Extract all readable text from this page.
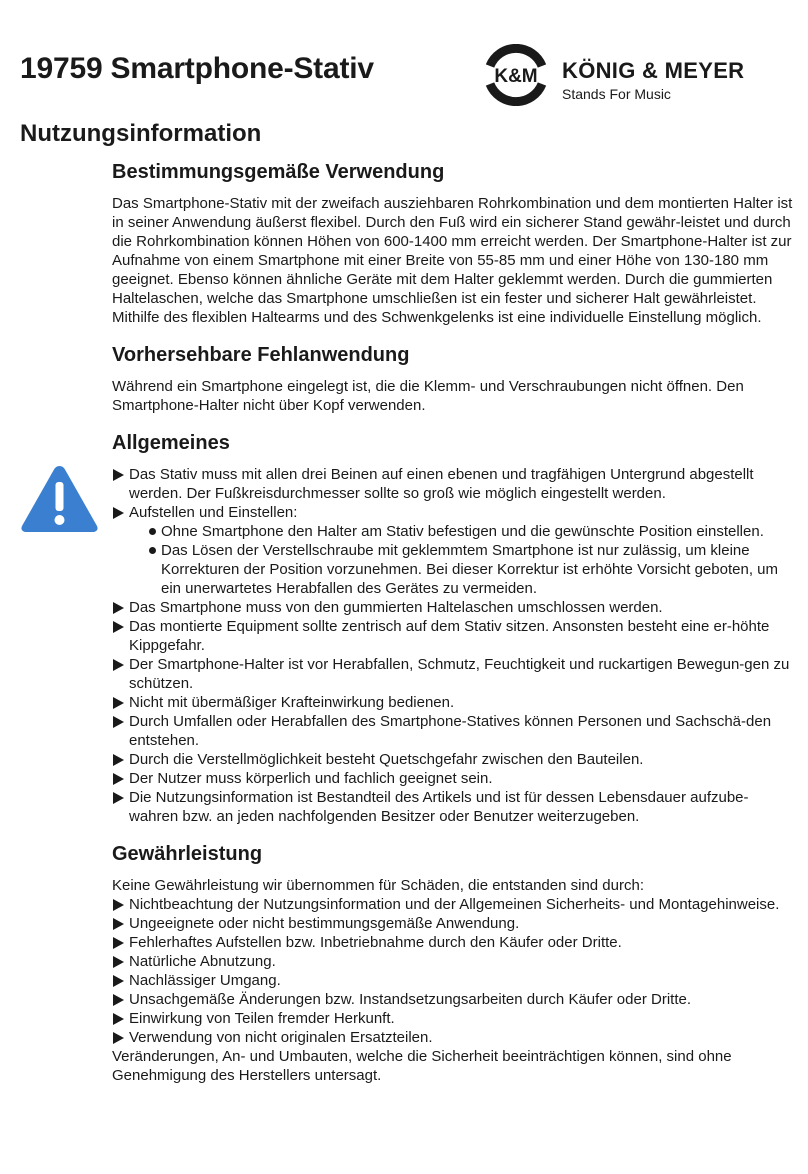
19759 Smartphone-Stativ	K&M KÖNIG & MEYER
Stands For Music
Nutzungsinformation
Bestimmungsgemäße Verwendung

Das Smartphone-Stativ mit der zweifach ausziehbaren Rohrkombination und dem montierten Halter ist in seiner Anwendung äußerst flexibel. Durch den Fuß wird ein sicherer Stand gewähr-leistet und durch die Rohrkombination können Höhen von 600-1400 mm erreicht werden. Der Smartphone-Halter ist zur Aufnahme von einem Smartphone mit einer Breite von 55-85 mm und einer Höhe von 130-180 mm geeignet. Ebenso können ähnliche Geräte mit dem Halter geklemmt werden. Durch die gummierten Haltelaschen, welche das Smartphone umschließen ist ein fester und sicherer Halt gewährleistet. Mithilfe des flexiblen Haltearms und des Schwenkgelenks ist eine individuelle Einstellung möglich.

Vorhersehbare Fehlanwendung

Während ein Smartphone eingelegt ist, die die Klemm- und Verschraubungen nicht öffnen. Den Smartphone-Halter nicht über Kopf verwenden.

Allgemeines
Das Stativ muss mit allen drei Beinen auf einen ebenen und tragfähigen Untergrund abgestellt werden. Der Fußkreisdurchmesser sollte so groß wie möglich eingestellt werden.
Aufstellen und Einstellen:
Ohne Smartphone den Halter am Stativ befestigen und die gewünschte Position einstellen.
Das Lösen der Verstellschraube mit geklemmtem Smartphone ist nur zulässig, um kleine Korrekturen der Position vorzunehmen. Bei dieser Korrektur ist erhöhte Vorsicht geboten, um ein unerwartetes Herabfallen des Gerätes zu vermeiden.
Das Smartphone muss von den gummierten Haltelaschen umschlossen werden.
Das montierte Equipment sollte zentrisch auf dem Stativ sitzen. Ansonsten besteht eine er-höhte Kippgefahr.
Der Smartphone-Halter ist vor Herabfallen, Schmutz, Feuchtigkeit und ruckartigen Bewegun-gen zu schützen.
Nicht mit übermäßiger Krafteinwirkung bedienen.
Durch Umfallen oder Herabfallen des Smartphone-Statives können Personen und Sachschä-den entstehen.
Durch die Verstellmöglichkeit besteht Quetschgefahr zwischen den Bauteilen.
Der Nutzer muss körperlich und fachlich geeignet sein.
Die Nutzungsinformation ist Bestandteil des Artikels und ist für dessen Lebensdauer aufzube-wahren bzw. an jeden nachfolgenden Besitzer oder Benutzer weiterzugeben.
Gewährleistung

Keine Gewährleistung wir übernommen für Schäden, die entstanden sind durch:

Nichtbeachtung der Nutzungsinformation und der Allgemeinen Sicherheits- und Montagehinweise.
Ungeeignete oder nicht bestimmungsgemäße Anwendung.
Fehlerhaftes Aufstellen bzw. Inbetriebnahme durch den Käufer oder Dritte.
Natürliche Abnutzung.
Nachlässiger Umgang.
Unsachgemäße Änderungen bzw. Instandsetzungsarbeiten durch Käufer oder Dritte.
Einwirkung von Teilen fremder Herkunft.
Verwendung von nicht originalen Ersatzteilen.

Veränderungen, An- und Umbauten, welche die Sicherheit beeinträchtigen können, sind ohne Genehmigung des Herstellers untersagt.
